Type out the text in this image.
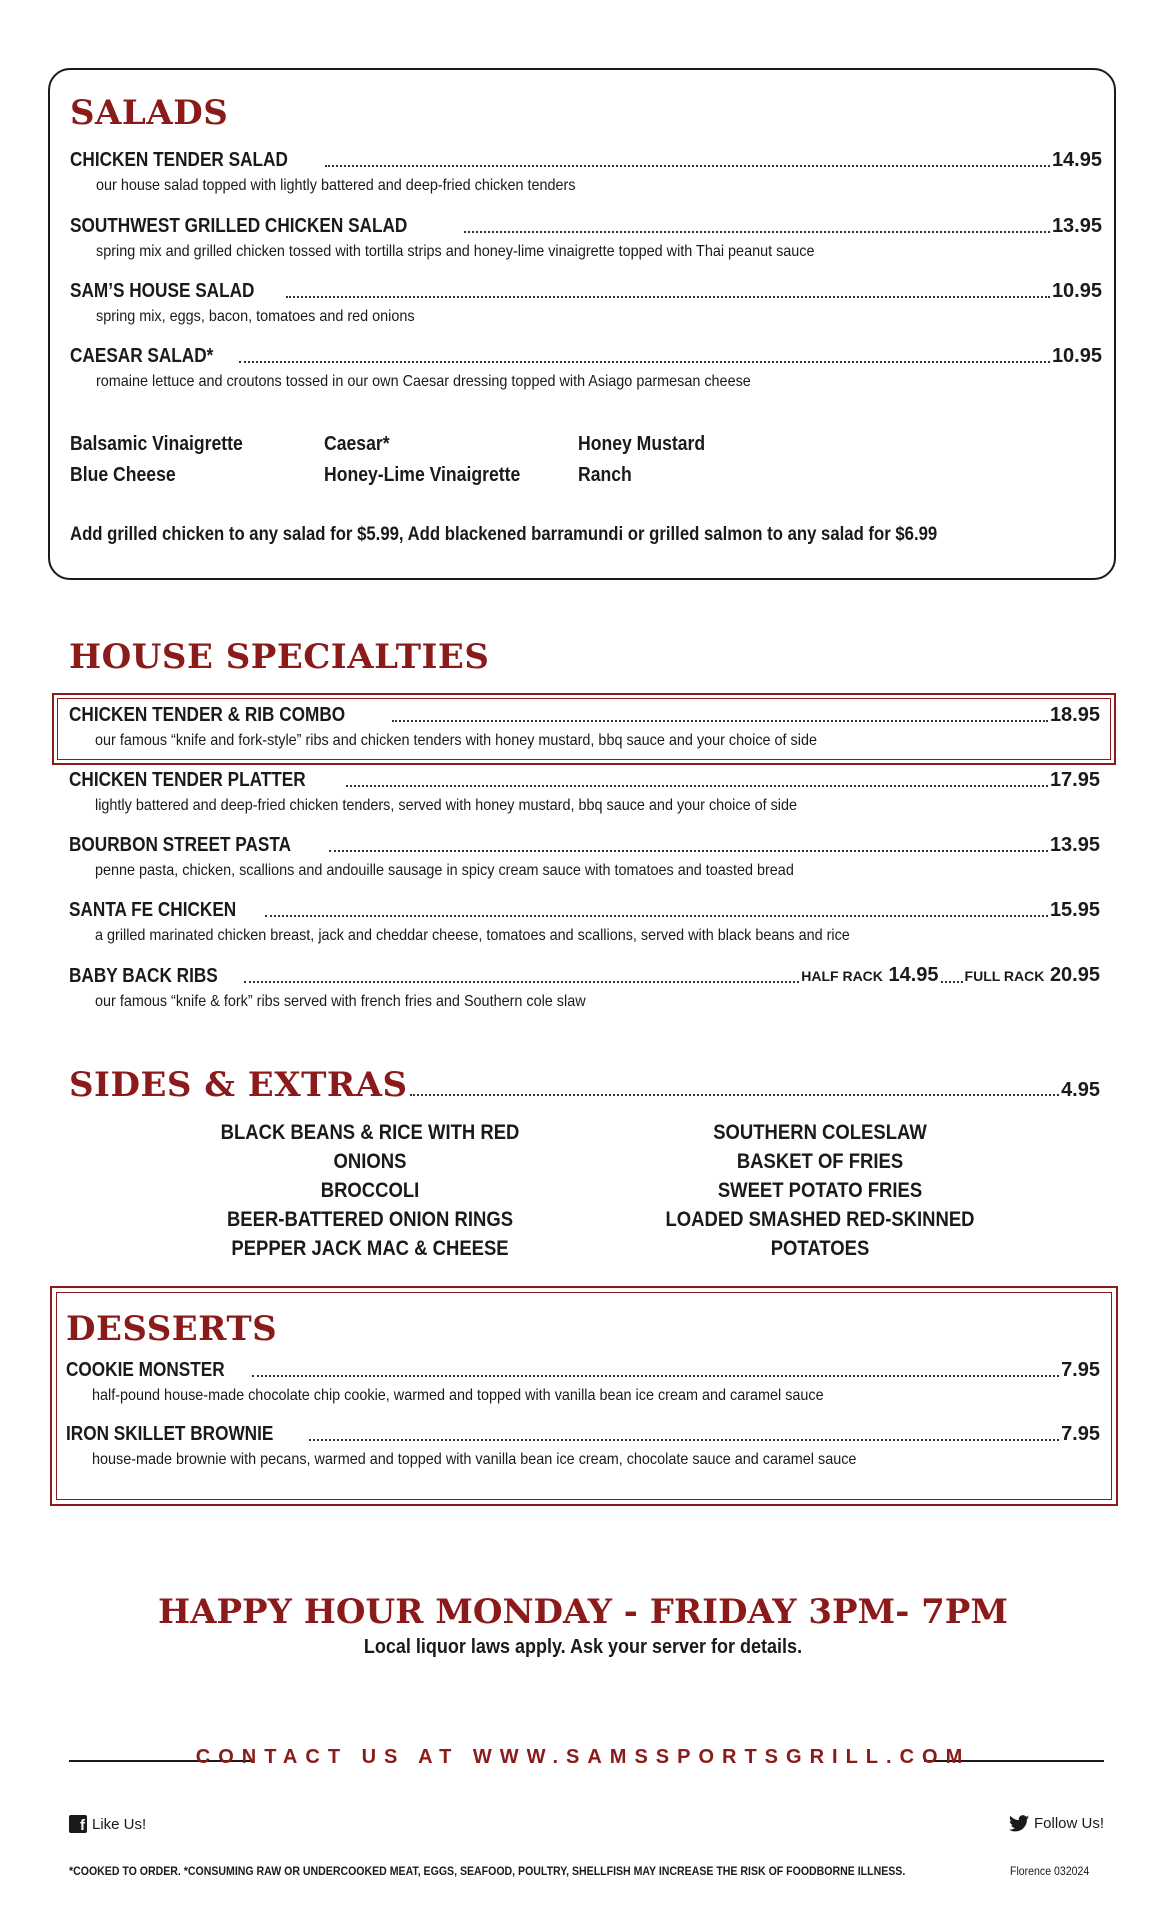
SALADS
CHICKEN TENDER SALAD	14.95
our house salad topped with lightly battered and deep-fried chicken tenders
SOUTHWEST GRILLED CHICKEN SALAD	13.95
spring mix and grilled chicken tossed with tortilla strips and honey-lime vinaigrette topped with Thai peanut sauce
SAM’S HOUSE SALAD	10.95
spring mix, eggs, bacon, tomatoes and red onions
CAESAR SALAD*	10.95
romaine lettuce and croutons tossed in our own Caesar dressing topped with Asiago parmesan cheese
Balsamic Vinaigrette
Blue Cheese
Caesar*
Honey-Lime Vinaigrette
Honey Mustard
Ranch
Add grilled chicken to any salad for $5.99, Add blackened barramundi or grilled salmon to any salad for $6.99
HOUSE SPECIALTIES
CHICKEN TENDER & RIB COMBO	18.95
our famous “knife and fork-style” ribs and chicken tenders with honey mustard, bbq sauce and your choice of side
CHICKEN TENDER PLATTER	17.95
lightly battered and deep-fried chicken tenders, served with honey mustard, bbq sauce and your choice of side
BOURBON STREET PASTA	13.95
penne pasta, chicken, scallions and andouille sausage in spicy cream sauce with tomatoes and toasted bread
SANTA FE CHICKEN	15.95
a grilled marinated chicken breast, jack and cheddar cheese, tomatoes and scallions, served with black beans and rice
BABY BACK RIBS	HALF RACK 14.95 FULL RACK 20.95
our famous “knife & fork” ribs served with french fries and Southern cole slaw
SIDES & EXTRAS	4.95
BLACK BEANS & RICE WITH RED ONIONS
BROCCOLI
BEER-BATTERED ONION RINGS
PEPPER JACK MAC & CHEESE
SOUTHERN COLESLAW
BASKET OF FRIES
SWEET POTATO FRIES
LOADED SMASHED RED-SKINNED POTATOES
DESSERTS
COOKIE MONSTER	7.95
half-pound house-made chocolate chip cookie, warmed and topped with vanilla bean ice cream and caramel sauce
IRON SKILLET BROWNIE	7.95
house-made brownie with pecans, warmed and topped with vanilla bean ice cream, chocolate sauce and caramel sauce
HAPPY HOUR MONDAY - FRIDAY 3PM- 7PM
Local liquor laws apply. Ask your server for details.
CONTACT US AT WWW.SAMSSPORTSGRILL.COM
f Like Us!	Follow Us!
*COOKED TO ORDER. *CONSUMING RAW OR UNDERCOOKED MEAT, EGGS, SEAFOOD, POULTRY, SHELLFISH MAY INCREASE THE RISK OF FOODBORNE ILLNESS.	Florence 032024
